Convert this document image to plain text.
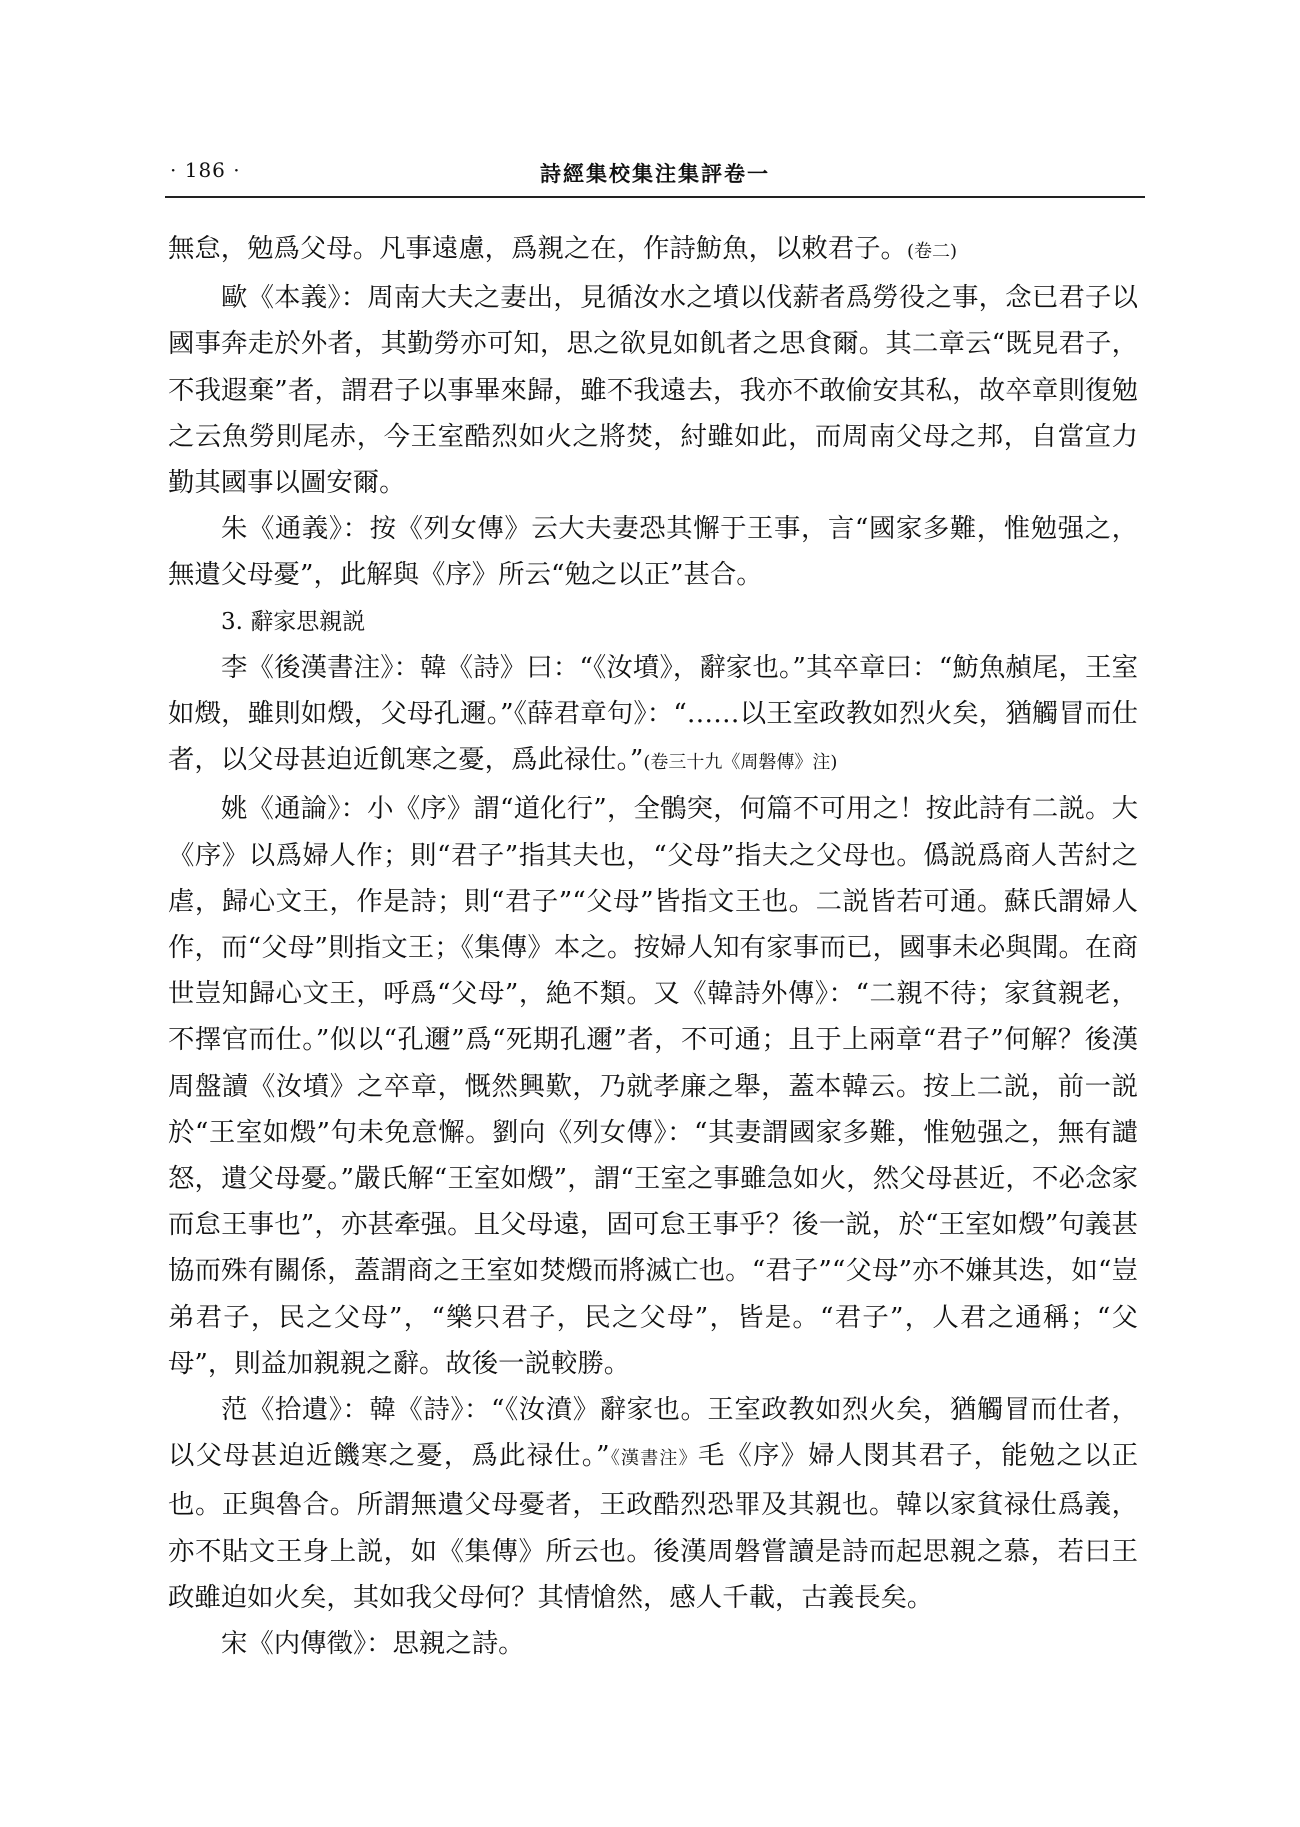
· 186 ·	詩經集校集注集評卷一

無怠，勉爲父母。凡事遠慮，爲親之在，作詩魴魚，以敕君子。(卷二)

歐《本義》：周南大夫之妻出，見循汝水之墳以伐薪者爲勞役之事，念已君子以國事奔走於外者，其勤勞亦可知，思之欲見如飢者之思食爾。其二章云“既見君子，不我遐棄”者，謂君子以事畢來歸，雖不我遠去，我亦不敢偷安其私，故卒章則復勉之云魚勞則尾赤，今王室酷烈如火之將焚，紂雖如此，而周南父母之邦，自當宣力勤其國事以圖安爾。

朱《通義》：按《列女傳》云大夫妻恐其懈于王事，言“國家多難，惟勉强之，無遺父母憂”，此解與《序》所云“勉之以正”甚合。

3. 辭家思親説

李《後漢書注》：韓《詩》曰：“《汝墳》，辭家也。”其卒章曰：“魴魚赬尾，王室如燬，雖則如燬，父母孔邇。”《薛君章句》：“……以王室政教如烈火矣，猶觸冒而仕者，以父母甚迫近飢寒之憂，爲此禄仕。”(卷三十九《周磐傳》注)

姚《通論》：小《序》謂“道化行”，全鶻突，何篇不可用之！按此詩有二説。大《序》以爲婦人作；則“君子”指其夫也，“父母”指夫之父母也。僞説爲商人苦紂之虐，歸心文王，作是詩；則“君子”“父母”皆指文王也。二説皆若可通。蘇氏謂婦人作，而“父母”則指文王；《集傳》本之。按婦人知有家事而已，國事未必與聞。在商世豈知歸心文王，呼爲“父母”，絶不類。又《韓詩外傳》：“二親不待；家貧親老，不擇官而仕。”似以“孔邇”爲“死期孔邇”者，不可通；且于上兩章“君子”何解？後漢周盤讀《汝墳》之卒章，慨然興歎，乃就孝廉之舉，蓋本韓云。按上二説，前一説於“王室如燬”句未免意懈。劉向《列女傳》：“其妻謂國家多難，惟勉强之，無有譴怒，遺父母憂。”嚴氏解“王室如燬”，謂“王室之事雖急如火，然父母甚近，不必念家而怠王事也”，亦甚牽强。且父母遠，固可怠王事乎？後一説，於“王室如燬”句義甚協而殊有關係，蓋謂商之王室如焚燬而將滅亡也。“君子”“父母”亦不嫌其迭，如“豈弟君子，民之父母”，“樂只君子，民之父母”，皆是。“君子”，人君之通稱；“父母”，則益加親親之辭。故後一説較勝。

范《拾遺》：韓《詩》：“《汝濆》辭家也。王室政教如烈火矣，猶觸冒而仕者，以父母甚迫近饑寒之憂，爲此禄仕。”《漢書注》毛《序》婦人閔其君子，能勉之以正也。正與魯合。所謂無遺父母憂者，王政酷烈恐罪及其親也。韓以家貧禄仕爲義，亦不貼文王身上説，如《集傳》所云也。後漢周磐嘗讀是詩而起思親之慕，若曰王政雖迫如火矣，其如我父母何？其情愴然，感人千載，古義長矣。

宋《内傳徵》：思親之詩。
